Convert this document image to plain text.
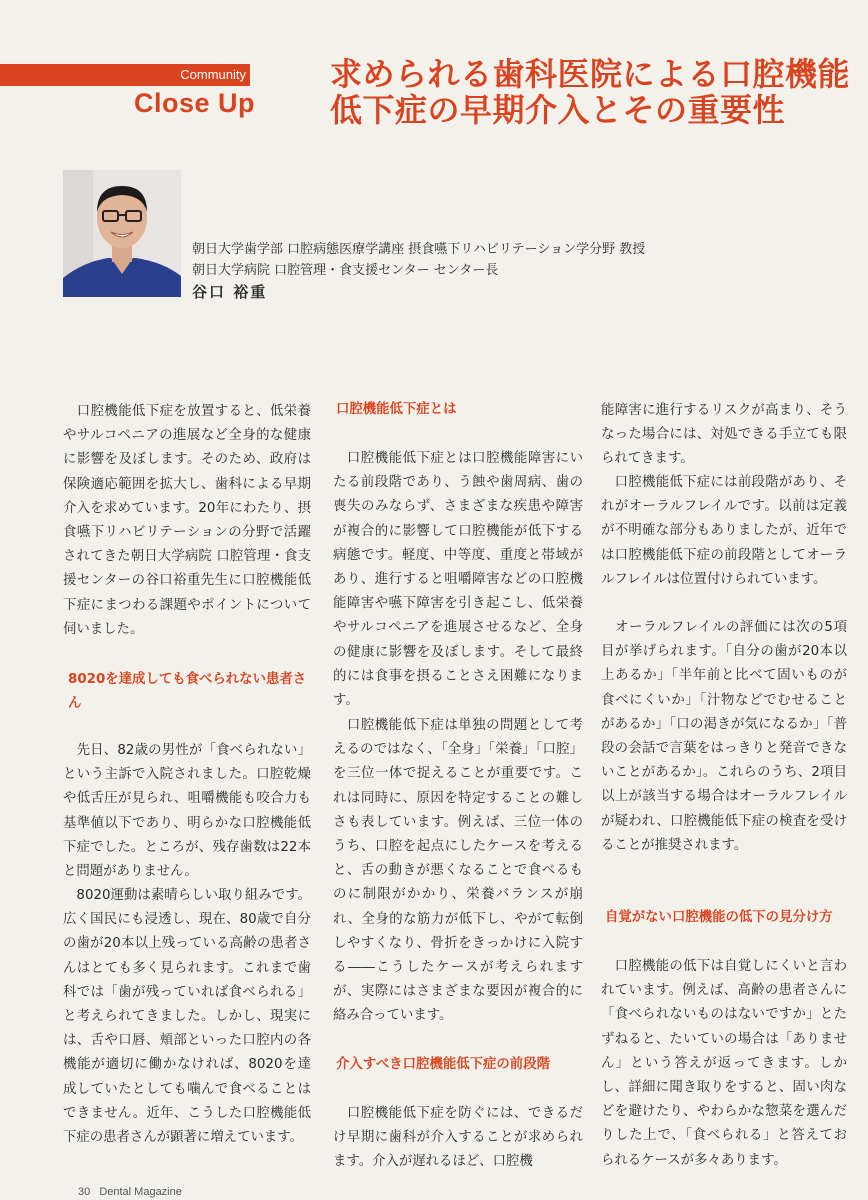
Community
Close Up
求められる歯科医院による口腔機能低下症の早期介入とその重要性
朝日大学歯学部 口腔病態医療学講座 摂食嚥下リハビリテーション学分野 教授
朝日大学病院 口腔管理・食支援センター センター長
谷口 裕重

　口腔機能低下症を放置すると、低栄養やサルコペニアの進展など全身的な健康に影響を及ぼします。そのため、政府は保険適応範囲を拡大し、歯科による早期介入を求めています。20年にわたり、摂食嚥下リハビリテーションの分野で活躍されてきた朝日大学病院 口腔管理・食支援センターの谷口裕重先生に口腔機能低下症にまつわる課題やポイントについて伺いました。

8020を達成しても食べられない患者さん

　先日、82歳の男性が「食べられない」という主訴で入院されました。口腔乾燥や低舌圧が見られ、咀嚼機能も咬合力も基準値以下であり、明らかな口腔機能低下症でした。ところが、残存歯数は22本と問題がありません。

　8020運動は素晴らしい取り組みです。広く国民にも浸透し、現在、80歳で自分の歯が20本以上残っている高齢の患者さんはとても多く見られます。これまで歯科では「歯が残っていれば食べられる」と考えられてきました。しかし、現実には、舌や口唇、頬部といった口腔内の各機能が適切に働かなければ、8020を達成していたとしても噛んで食べることはできません。近年、こうした口腔機能低下症の患者さんが顕著に増えています。

口腔機能低下症とは

　口腔機能低下症とは口腔機能障害にいたる前段階であり、う蝕や歯周病、歯の喪失のみならず、さまざまな疾患や障害が複合的に影響して口腔機能が低下する病態です。軽度、中等度、重度と帯域があり、進行すると咀嚼障害などの口腔機能障害や嚥下障害を引き起こし、低栄養やサルコペニアを進展させるなど、全身の健康に影響を及ぼします。そして最終的には食事を摂ることさえ困難になります。

　口腔機能低下症は単独の問題として考えるのではなく、「全身」「栄養」「口腔」を三位一体で捉えることが重要です。これは同時に、原因を特定することの難しさも表しています。例えば、三位一体のうち、口腔を起点にしたケースを考えると、舌の動きが悪くなることで食べるものに制限がかかり、栄養バランスが崩れ、全身的な筋力が低下し、やがて転倒しやすくなり、骨折をきっかけに入院する――こうしたケースが考えられますが、実際にはさまざまな要因が複合的に絡み合っています。

介入すべき口腔機能低下症の前段階

　口腔機能低下症を防ぐには、できるだけ早期に歯科が介入することが求められます。介入が遅れるほど、口腔機

能障害に進行するリスクが高まり、そうなった場合には、対処できる手立ても限られてきます。

　口腔機能低下症には前段階があり、それがオーラルフレイルです。以前は定義が不明確な部分もありましたが、近年では口腔機能低下症の前段階としてオーラルフレイルは位置付けられています。

　オーラルフレイルの評価には次の5項目が挙げられます。「自分の歯が20本以上あるか」「半年前と比べて固いものが食べにくいか」「汁物などでむせることがあるか」「口の渇きが気になるか」「普段の会話で言葉をはっきりと発音できないことがあるか」。これらのうち、2項目以上が該当する場合はオーラルフレイルが疑われ、口腔機能低下症の検査を受けることが推奨されます。

自覚がない口腔機能の低下の見分け方

　口腔機能の低下は自覚しにくいと言われています。例えば、高齢の患者さんに「食べられないものはないですか」とたずねると、たいていの場合は「ありません」という答えが返ってきます。しかし、詳細に聞き取りをすると、固い肉などを避けたり、やわらかな惣菜を選んだりした上で、「食べられる」と答えておられるケースが多々あります。

30 Dental Magazine
